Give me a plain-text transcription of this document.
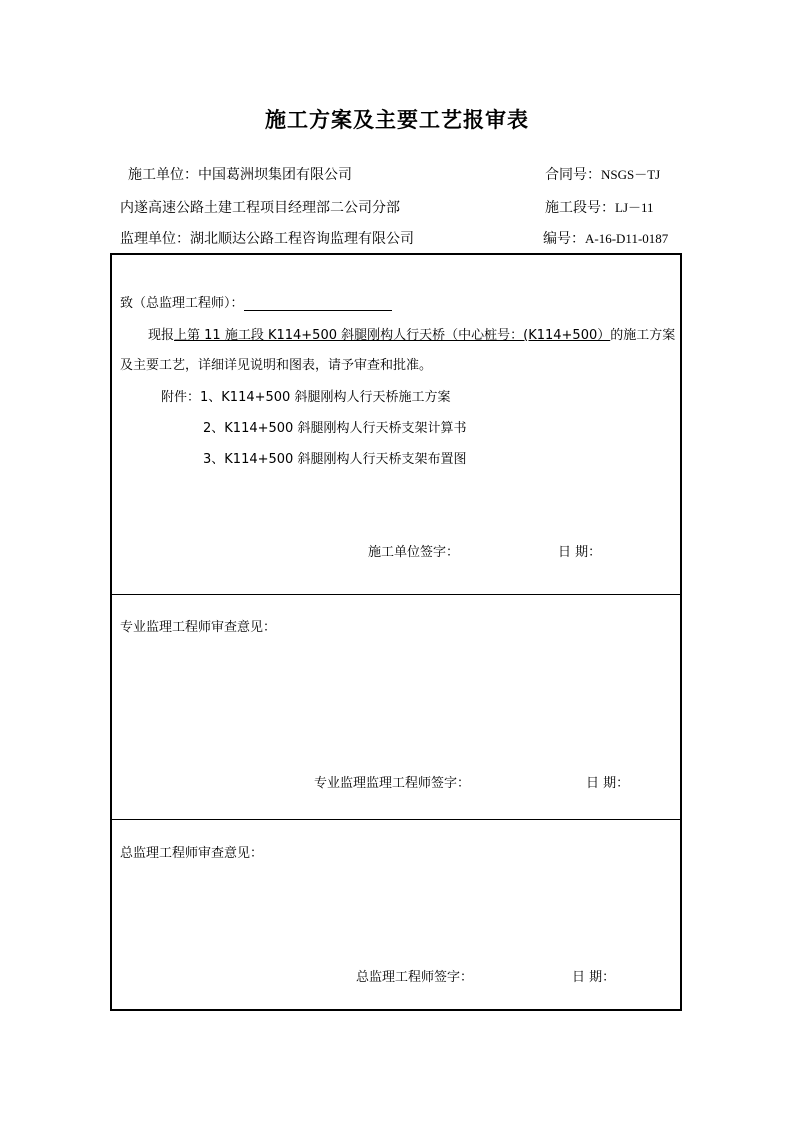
施工方案及主要工艺报审表
施工单位：中国葛洲坝集团有限公司	合同号：NSGS－TJ
内遂高速公路土建工程项目经理部二公司分部	施工段号：LJ－11
监理单位：湖北顺达公路工程咨询监理有限公司	编号：A-16-D11-0187
致（总监理工程师）：
现报上第 11 施工段 K114+500 斜腿刚构人行天桥（中心桩号：(K114+500）的施工方案
及主要工艺，详细详见说明和图表，请予审查和批准。
附件：1、K114+500 斜腿刚构人行天桥施工方案
2、K114+500 斜腿刚构人行天桥支架计算书
3、K114+500 斜腿刚构人行天桥支架布置图
施工单位签字：	日 期：
专业监理工程师审查意见：
专业监理监理工程师签字：	日 期：
总监理工程师审查意见：
总监理工程师签字：	日 期：
